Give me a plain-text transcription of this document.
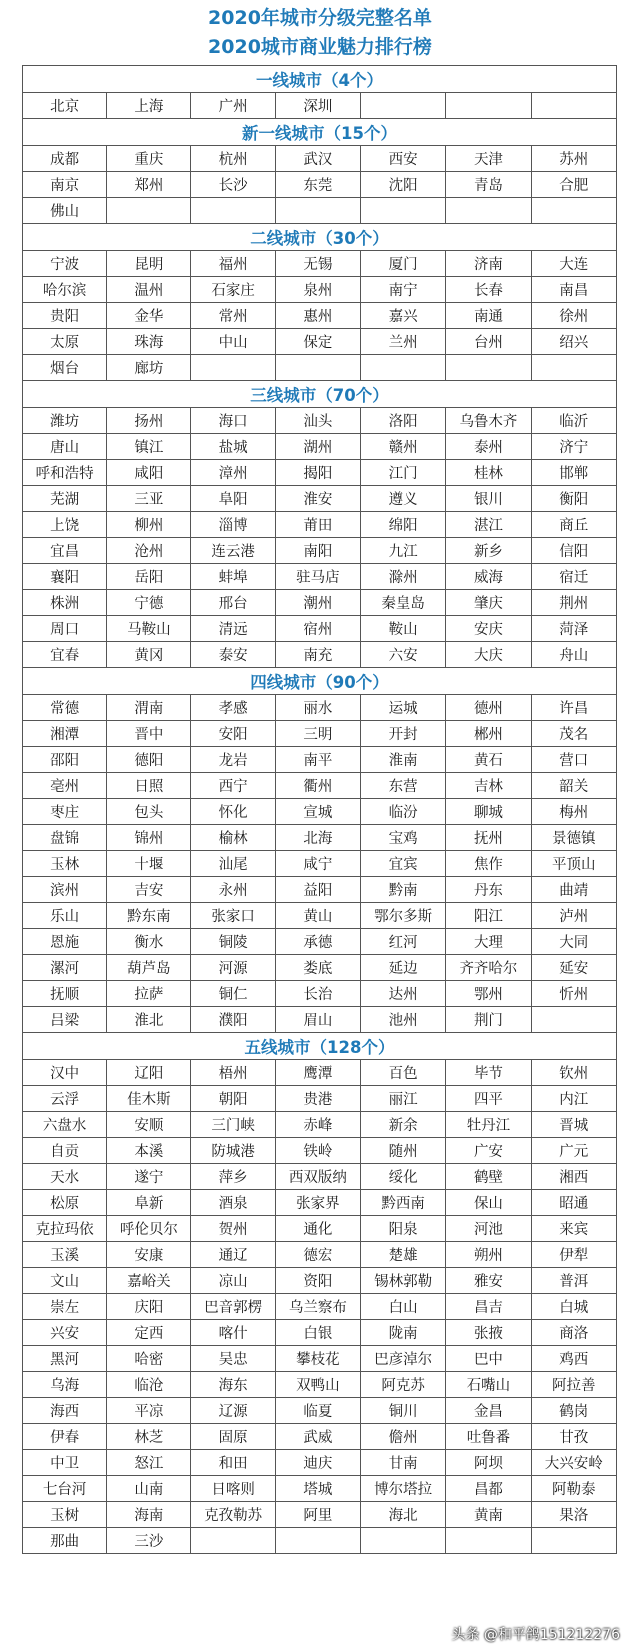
2020年城市分级完整名单
2020城市商业魅力排行榜
一线城市（4个）						
北京	上海	广州	深圳			
新一线城市（15个）						
成都	重庆	杭州	武汉	西安	天津	苏州
南京	郑州	长沙	东莞	沈阳	青岛	合肥
佛山						
二线城市（30个）						
宁波	昆明	福州	无锡	厦门	济南	大连
哈尔滨	温州	石家庄	泉州	南宁	长春	南昌
贵阳	金华	常州	惠州	嘉兴	南通	徐州
太原	珠海	中山	保定	兰州	台州	绍兴
烟台	廊坊					
三线城市（70个）						
潍坊	扬州	海口	汕头	洛阳	乌鲁木齐	临沂
唐山	镇江	盐城	湖州	赣州	泰州	济宁
呼和浩特	咸阳	漳州	揭阳	江门	桂林	邯郸
芜湖	三亚	阜阳	淮安	遵义	银川	衡阳
上饶	柳州	淄博	莆田	绵阳	湛江	商丘
宜昌	沧州	连云港	南阳	九江	新乡	信阳
襄阳	岳阳	蚌埠	驻马店	滁州	威海	宿迁
株洲	宁德	邢台	潮州	秦皇岛	肇庆	荆州
周口	马鞍山	清远	宿州	鞍山	安庆	菏泽
宜春	黄冈	泰安	南充	六安	大庆	舟山
四线城市（90个）						
常德	渭南	孝感	丽水	运城	德州	许昌
湘潭	晋中	安阳	三明	开封	郴州	茂名
邵阳	德阳	龙岩	南平	淮南	黄石	营口
亳州	日照	西宁	衢州	东营	吉林	韶关
枣庄	包头	怀化	宣城	临汾	聊城	梅州
盘锦	锦州	榆林	北海	宝鸡	抚州	景德镇
玉林	十堰	汕尾	咸宁	宜宾	焦作	平顶山
滨州	吉安	永州	益阳	黔南	丹东	曲靖
乐山	黔东南	张家口	黄山	鄂尔多斯	阳江	泸州
恩施	衡水	铜陵	承德	红河	大理	大同
漯河	葫芦岛	河源	娄底	延边	齐齐哈尔	延安
抚顺	拉萨	铜仁	长治	达州	鄂州	忻州
吕梁	淮北	濮阳	眉山	池州	荆门	
五线城市（128个）						
汉中	辽阳	梧州	鹰潭	百色	毕节	钦州
云浮	佳木斯	朝阳	贵港	丽江	四平	内江
六盘水	安顺	三门峡	赤峰	新余	牡丹江	晋城
自贡	本溪	防城港	铁岭	随州	广安	广元
天水	遂宁	萍乡	西双版纳	绥化	鹤壁	湘西
松原	阜新	酒泉	张家界	黔西南	保山	昭通
克拉玛依	呼伦贝尔	贺州	通化	阳泉	河池	来宾
玉溪	安康	通辽	德宏	楚雄	朔州	伊犁
文山	嘉峪关	凉山	资阳	锡林郭勒	雅安	普洱
崇左	庆阳	巴音郭楞	乌兰察布	白山	昌吉	白城
兴安	定西	喀什	白银	陇南	张掖	商洛
黑河	哈密	吴忠	攀枝花	巴彦淖尔	巴中	鸡西
乌海	临沧	海东	双鸭山	阿克苏	石嘴山	阿拉善
海西	平凉	辽源	临夏	铜川	金昌	鹤岗
伊春	林芝	固原	武威	儋州	吐鲁番	甘孜
中卫	怒江	和田	迪庆	甘南	阿坝	大兴安岭
七台河	山南	日喀则	塔城	博尔塔拉	昌都	阿勒泰
玉树	海南	克孜勒苏	阿里	海北	黄南	果洛
那曲	三沙					
头条 @和平鸽151212276
